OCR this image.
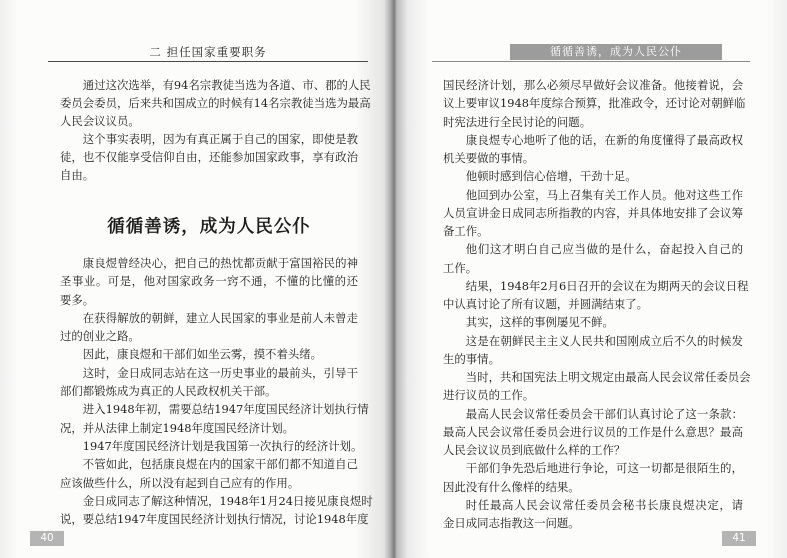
二 担任国家重要职务
通过这次选举，有94名宗教徒当选为各道、市、郡的人民
委员会委员，后来共和国成立的时候有14名宗教徒当选为最高
人民会议议员。
这个事实表明，因为有真正属于自己的国家，即使是教
徒，也不仅能享受信仰自由，还能参加国家政事，享有政治
自由。
循循善诱，成为人民公仆
康良煜曾经决心，把自己的热忱都贡献于富国裕民的神
圣事业。可是，他对国家政务一窍不通，不懂的比懂的还
要多。
在获得解放的朝鲜，建立人民国家的事业是前人未曾走
过的创业之路。
因此，康良煜和干部们如坐云雾，摸不着头绪。
这时，金日成同志站在这一历史事业的最前头，引导干
部们都锻炼成为真正的人民政权机关干部。
进入1948年初，需要总结1947年度国民经济计划执行情
况，并从法律上制定1948年度国民经济计划。
1947年度国民经济计划是我国第一次执行的经济计划。
不管如此，包括康良煜在内的国家干部们都不知道自己
应该做些什么，所以没有起到自己应有的作用。
金日成同志了解这种情况，1948年1月24日接见康良煜时
说，要总结1947年度国民经济计划执行情况，讨论1948年度
40
循循善诱，成为人民公仆
国民经济计划，那么必须尽早做好会议准备。他接着说，会
议上要审议1948年度综合预算，批准政令，还讨论对朝鲜临
时宪法进行全民讨论的问题。
康良煜专心地听了他的话，在新的角度懂得了最高政权
机关要做的事情。
他顿时感到信心倍增，干劲十足。
他回到办公室，马上召集有关工作人员。他对这些工作
人员宣讲金日成同志所指教的内容，并具体地安排了会议筹
备工作。
他们这才明白自己应当做的是什么，奋起投入自己的
工作。
结果，1948年2月6日召开的会议在为期两天的会议日程
中认真讨论了所有议题，并圆满结束了。
其实，这样的事例屡见不鲜。
这是在朝鲜民主主义人民共和国刚成立后不久的时候发
生的事情。
当时，共和国宪法上明文规定由最高人民会议常任委员会
进行议员的工作。
最高人民会议常任委员会干部们认真讨论了这一条款：
最高人民会议常任委员会进行议员的工作是什么意思？最高
人民会议议员到底做什么样的工作？
干部们争先恐后地进行争论，可这一切都是很陌生的，
因此没有什么像样的结果。
时任最高人民会议常任委员会秘书长康良煜决定，请
金日成同志指教这一问题。
41
